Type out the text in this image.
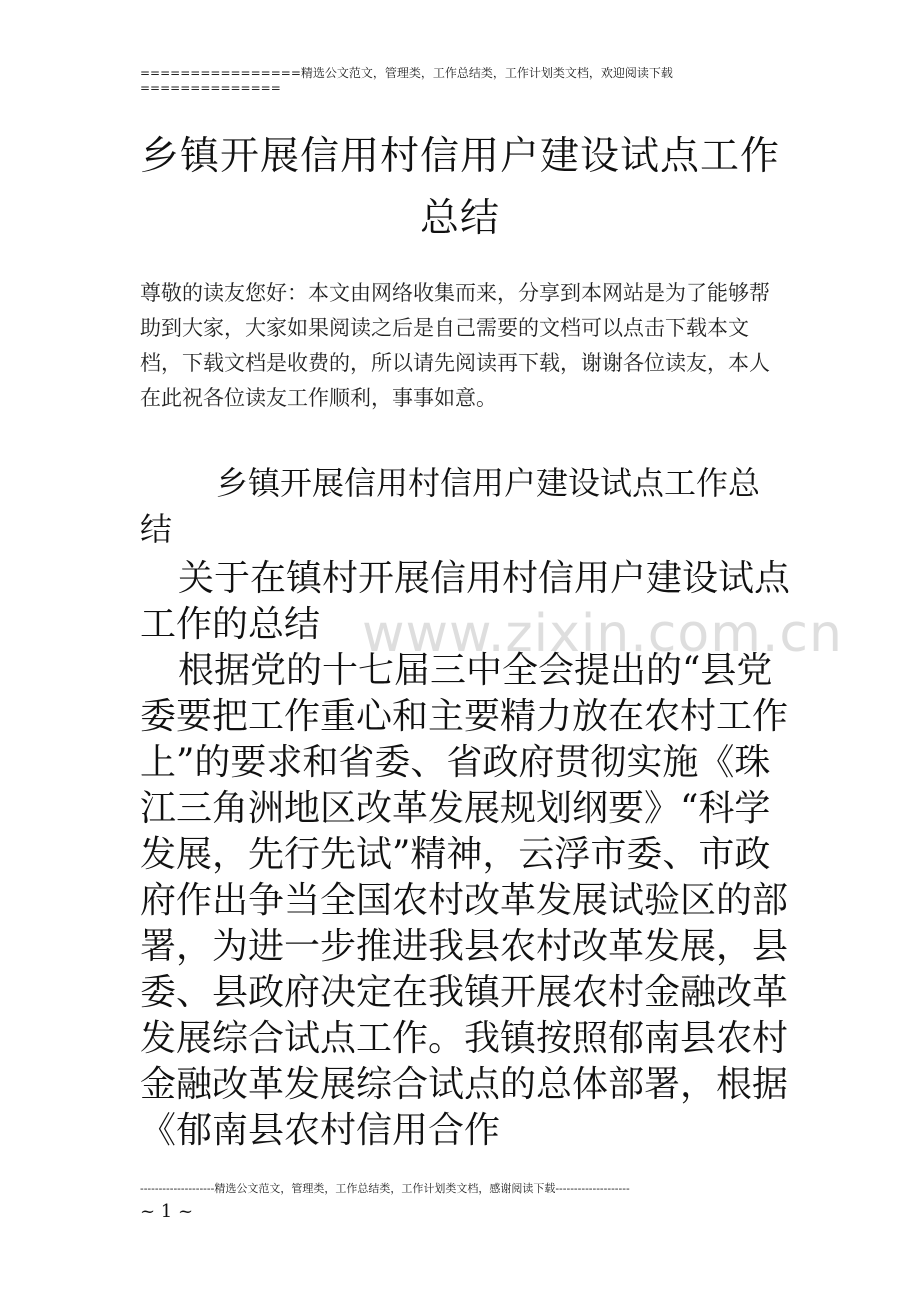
================精选公文范文，管理类，工作总结类，工作计划类文档，欢迎阅读下载
==============
乡镇开展信用村信用户建设试点工作总结
尊敬的读友您好：本文由网络收集而来，分享到本网站是为了能够帮助到大家，大家如果阅读之后是自己需要的文档可以点击下载本文档，下载文档是收费的，所以请先阅读再下载，谢谢各位读友，本人在此祝各位读友工作顺利，事事如意。
乡镇开展信用村信用户建设试点工作总结

关于在镇村开展信用村信用户建设试点工作的总结

根据党的十七届三中全会提出的“县党委要把工作重心和主要精力放在农村工作上”的要求和省委、省政府贯彻实施《珠江三角洲地区改革发展规划纲要》“科学发展，先行先试”精神，云浮市委、市政府作出争当全国农村改革发展试验区的部署，为进一步推进我县农村改革发展，县委、县政府决定在我镇开展农村金融改革发展综合试点工作。我镇按照郁南县农村金融改革发展综合试点的总体部署，根据《郁南县农村信用合作

www.zixin.com.cn
--------------------精选公文范文，管理类，工作总结类，工作计划类文档，感谢阅读下载--------------------
~ 1 ~
